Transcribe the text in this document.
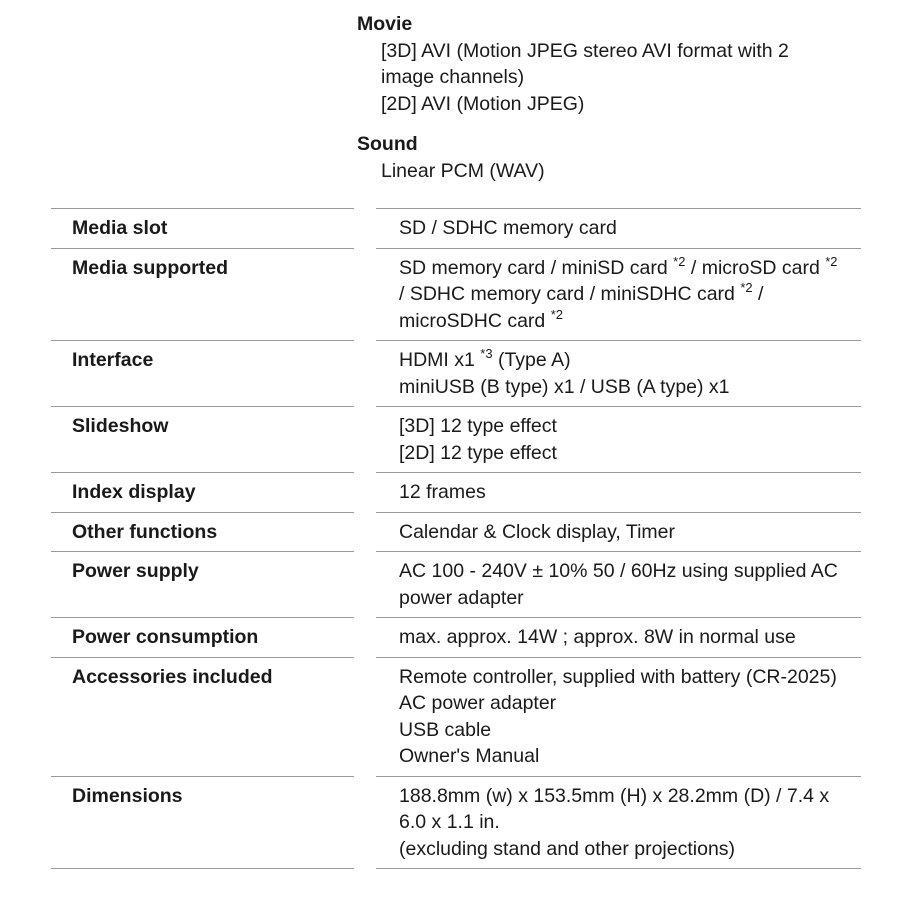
Movie
[3D] AVI (Motion JPEG stereo AVI format with 2
image channels)
[2D] AVI (Motion JPEG)
Sound
Linear PCM (WAV)
Media slot	SD / SDHC memory card

Media supported	SD memory card / miniSD card $^{*2}$ / microSD card $^{*2}$
/ SDHC memory card / miniSDHC card $^{*2}$ /
microSDHC card $^{*2}$

Interface	HDMI x1 $^{*3}$ (Type A)
miniUSB (B type) x1 / USB (A type) x1

Slideshow	[3D] 12 type effect
[2D] 12 type effect

Index display	12 frames

Other functions	Calendar & Clock display, Timer

Power supply	AC 100 - 240V ± 10% 50 / 60Hz using supplied AC
power adapter

Power consumption	max. approx. 14W ; approx. 8W in normal use

Accessories included	Remote controller, supplied with battery (CR-2025)
AC power adapter
USB cable
Owner's Manual

Dimensions	188.8mm (w) x 153.5mm (H) x 28.2mm (D) / 7.4 x
6.0 x 1.1 in.
(excluding stand and other projections)
